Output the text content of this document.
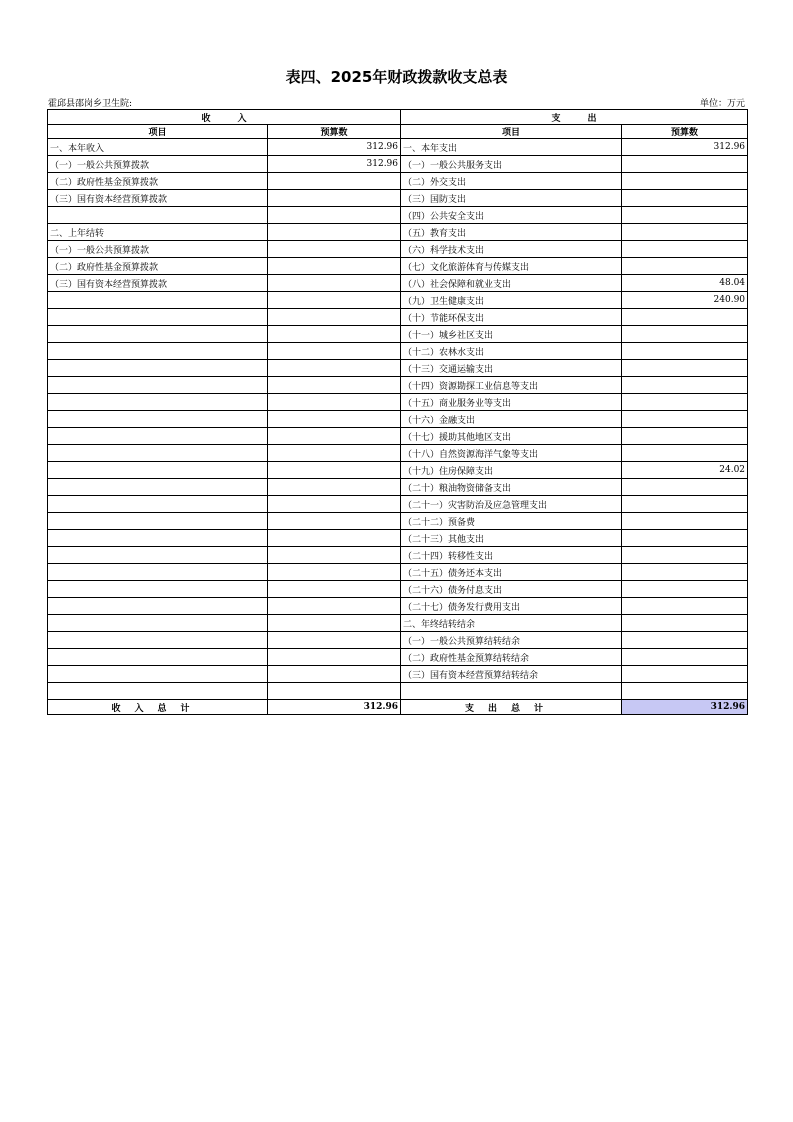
表四、2025年财政拨款收支总表
霍邱县邵岗乡卫生院:	单位：万元
收　　　入		支　　　出	
项目	预算数	项目	预算数
一、本年收入	312.96	一、本年支出	312.96
（一）一般公共预算拨款	312.96	（一）一般公共服务支出	
（二）政府性基金预算拨款		（二）外交支出	
（三）国有资本经营预算拨款		（三）国防支出	
		（四）公共安全支出	
二、上年结转		（五）教育支出	
（一）一般公共预算拨款		（六）科学技术支出	
（二）政府性基金预算拨款		（七）文化旅游体育与传媒支出	
（三）国有资本经营预算拨款		（八）社会保障和就业支出	48.04
		（九）卫生健康支出	240.90
		（十）节能环保支出	
		（十一）城乡社区支出	
		（十二）农林水支出	
		（十三）交通运输支出	
		（十四）资源勘探工业信息等支出	
		（十五）商业服务业等支出	
		（十六）金融支出	
		（十七）援助其他地区支出	
		（十八）自然资源海洋气象等支出	
		（十九）住房保障支出	24.02
		（二十）粮油物资储备支出	
		（二十一）灾害防治及应急管理支出	
		（二十二）预备费	
		（二十三）其他支出	
		（二十四）转移性支出	
		（二十五）债务还本支出	
		（二十六）债务付息支出	
		（二十七）债务发行费用支出	
		二、年终结转结余	
		（一）一般公共预算结转结余	
		（二）政府性基金预算结转结余	
		（三）国有资本经营预算结转结余	

收入总计	312.96	支出总计	312.96
